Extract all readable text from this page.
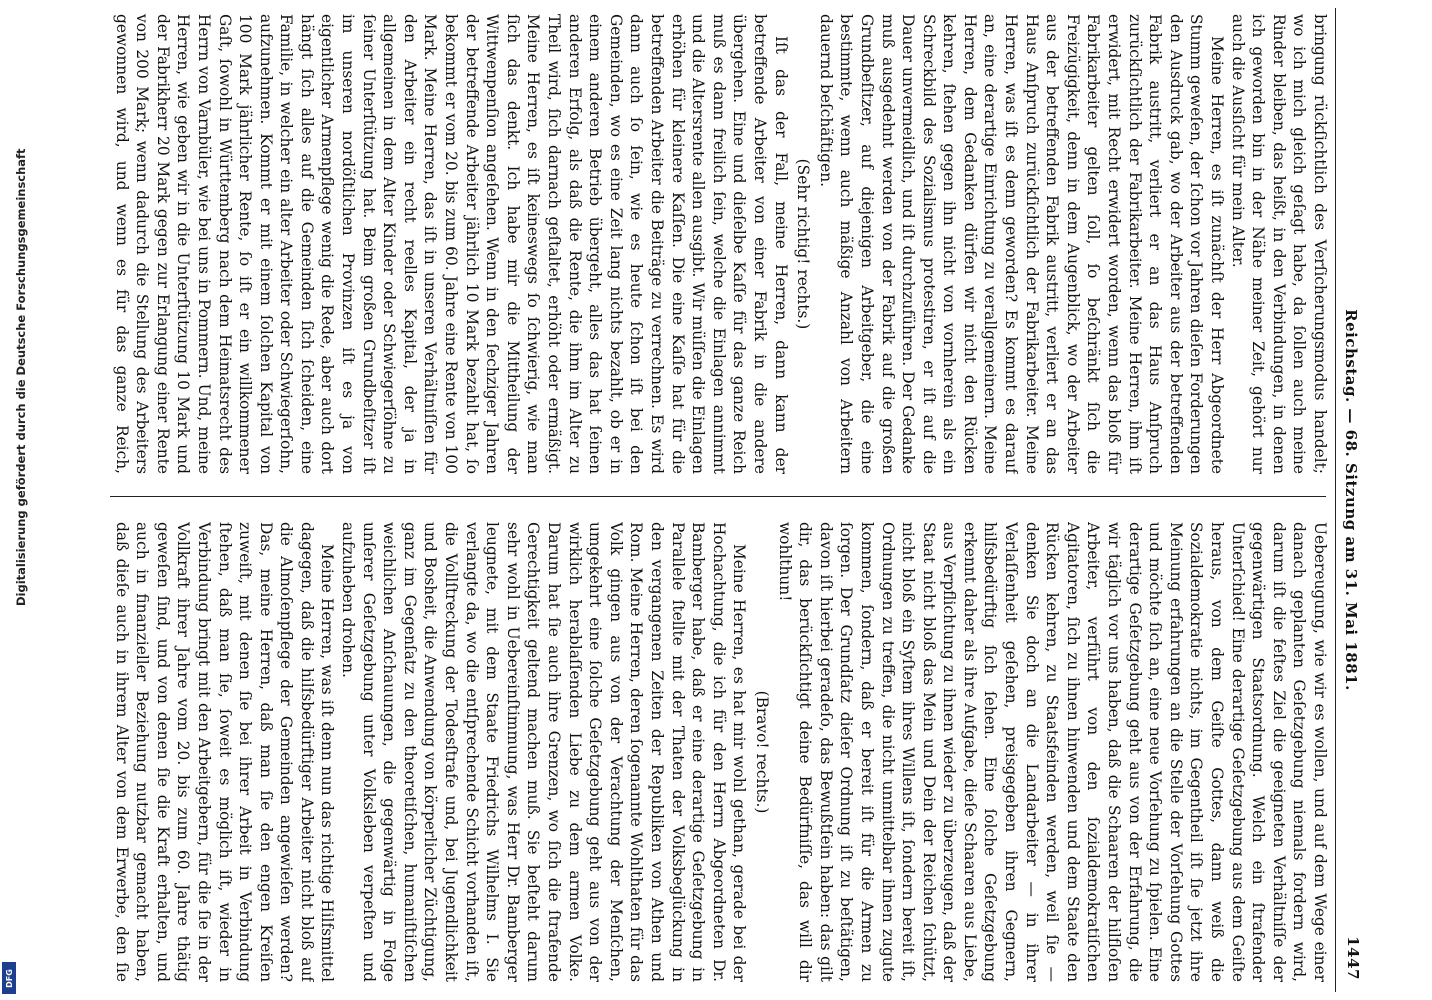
Digitalisierung gefördert durch die Deutsche Forschungsgemeinschaft
DFG
Reichstag. — 68. Sitzung am 31. Mai 1881.
1447

bringung rückſichtlich des Verſicherungsmodus handelt; wo ich mich gleich geſagt habe, da ſollen auch meine Rinder bleiben, das heißt, in den Verbindungen, in denen ich geworden bin in der Nähe meiner Zeit, gehört nur auch die Ausſicht für mein Alter.

Meine Herren, es iſt zunächſt der Herr Abgeordnete Stumm geweſen, der ſchon vor Jahren dieſen Forderungen den Ausdruck gab, wo der Arbeiter aus der betreffenden Fabrik austritt, verliert er an das Haus Anſpruch zurückſichtlich der Fabrikarbeiter. Meine Herren, ihm iſt erwidert, mit Recht erwidert worden, wenn das bloß für Fabrikarbeiter gelten ſoll, ſo beſchränkt ſich die Freizügigkeit, denn in dem Augenblick, wo der Arbeiter aus der betreffenden Fabrik austritt, verliert er an das Haus Anſpruch zurückſichtlich der Fabrikarbeiter. Meine Herren, was iſt es denn geworden? Es kommt es darauf an, eine derartige Einrichtung zu verallgemeinern. Meine Herren, dem Gedanken dürfen wir nicht den Rücken kehren, ſtehen gegen ihn nicht von vornherein als ein Schreckbild des Sozialismus protestiren, er iſt auf die Dauer unvermeidlich, und iſt durchzuführen. Der Gedanke muß ausgedehnt werden von der Fabrik auf die großen Grundbeſitzer, auf diejenigen Arbeitgeber, die eine bestimmte, wenn auch mäßige Anzahl von Arbeitern dauernd beſchäftigen.

(Sehr richtig! rechts.)

Iſt das der Fall, meine Herren, dann kann der betreffende Arbeiter von einer Fabrik in die andere übergehen. Eine und dieſelbe Kaſſe für das ganze Reich muß es dann freilich ſein, welche die Einlagen annimmt und die Altersrente allen ausgibt. Wir müſſen die Einlagen erhöhen für kleinere Kaſſen. Die eine Kaſſe hat für die betreffenden Arbeiter die Beiträge zu verrechnen. Es wird dann auch ſo ſein, wie es heute ſchon iſt bei den Gemeinden, wo es eine Zeit lang nichts bezahlt, ob er in einem anderen Betrieb übergeht, alles das hat ſeinen anderen Erfolg, als daß die Rente, die ihm im Alter zu Theil wird, ſich darnach geſtaltet, erhöht oder ermäßigt. Meine Herren, es iſt keineswegs ſo ſchwierig, wie man ſich das denkt. Ich habe mir die Mittheilung der Wittwenpenſion angeſehen. Wenn in den ſechziger Jahren der betreffende Arbeiter jährlich 10 Mark bezahlt hat, ſo bekommt er vom 20. bis zum 60. Jahre eine Rente von 100 Mark. Meine Herren, das iſt in unseren Verhältniſſen für den Arbeiter ein recht reelles Kapital, der ja in allgemeinen in dem Alter Kinder oder Schwiegerſöhne zu ſeiner Unterſtützung hat. Beim großen Grundbeſitzer iſt im unseren nordöſtlichen Provinzen iſt es ja von eigentlicher Armenpflege wenig die Rede, aber auch dort hängt ſich alles auf die Gemeinden ſich ſcheiden, eine Familie, in welcher ein alter Arbeiter oder Schwiegerſohn, aufzunehmen. Kommt er mit einem ſolchen Kapital von 100 Mark jährlicher Rente, ſo iſt er ein willkommener Gaſt, ſowohl in Württemberg nach dem Heimatsrecht des Herrn von Varnbüler, wie bei uns in Pommern. Und, meine Herren, wie geben wir in die Unterſtützung 10 Mark und der Fabrikherr 20 Mark gegen zur Erlangung einer Rente von 200 Mark; wenn dadurch die Stellung des Arbeiters gewonnen wird, und wenn es für das ganze Reich,

Uebereugung, wie wir es wollen, und auf dem Wege einer danach geplanten Geſetzgebung niemals fordern wird, darum iſt die feſtes Ziel die geeigneten Verhältniſſe der gegenwärtigen Staatsordnung. Welch ein ſtrafender Unterſchied! Eine derartige Geſetzgebung aus dem Geiſte heraus, von dem Geiſte Gottes, dann weiß die Sozialdemokratie nichts, im Gegentheil iſt ſie jetzt ihre Meinung erfahrungen an die Stelle der Vorſehung Gottes und möchte ſich an, eine neue Vorſehung zu ſpielen. Eine derartige Geſetzgebung geht aus von der Erfahrung, die wir täglich vor uns haben, daß die Schaaren der hilfloſen Arbeiter, verführt von den ſozialdemokratiſchen Agitatoren, ſich zu ihnen hinwenden und dem Staate den Rücken kehren, zu Staatsfeinden werden, weil ſie — denken Sie doch an die Landarbeiter — in ihrer Verlaſſenheit geſehen, preisgegeben ihren Gegnern, hilfsbedürftig ſich ſehen. Eine ſolche Geſetzgebung erkennt daher als ihre Aufgabe, dieſe Schaaren aus Liebe, aus Verpflichtung zu ihnen wieder zu überzeugen, daß der Staat nicht bloß das Mein und Dein der Reichen ſchützt, nicht bloß ein Syſtem ihres Willens iſt, ſondern bereit iſt, Ordnungen zu treffen, die nicht unmittelbar ihnen zugute kommen, ſondern, daß er bereit iſt für die Armen zu ſorgen. Der Grundſatz dieſer Ordnung iſt zu beſtätigen, davon iſt hierbei geradeſo, das Bewußtſein haben: das gilt dir, das berückſichtigt deine Bedürfniſſe, das will dir wohlthun!

(Bravo! rechts.)

Meine Herren, es hat mir wohl gethan, gerade bei der Hochachtung, die ich für den Herrn Abgeordneten Dr. Bamberger habe, daß er eine derartige Geſetzgebung in Parallele ſtellte mit der Thaten der Volksbeglückung in den vergangenen Zeiten der Republiken von Athen und Rom. Meine Herren, deren ſogenannte Wohlthaten für das Volk gingen aus von der Verachtung der Menſchen, umgekehrt eine ſolche Geſetzgebung geht aus von der wirklich herablaſſenden Liebe zu dem armen Volke. Darum hat ſie auch ihre Grenzen, wo ſich die ſtrafende Gerechtigkeit geltend machen muß. Sie beſteht darum sehr wohl in Uebereinſtimmung, was Herr Dr. Bamberger leugnete, mit dem Staate Friedrichs Wilhelms I. Sie verlangte da, wo die entſprechende Schicht vorhanden iſt, die Vollſtreckung der Todesſtrafe und, bei Jugendlichkeit und Bosheit, die Anwendung von körperlicher Züchtigung, ganz im Gegenſatz zu den theoretiſchen, humaniſtiſchen weichlichen Anſchauungen, die gegenwärtig in Folge unſerer Geſetzgebung unter Volksleben verpeſten und aufzuheben drohen.

Meine Herren, was iſt denn nun das richtige Hilfsmittel dagegen, daß die hilfsbedürftiger Arbeiter nicht bloß auf die Almoſenpflege der Gemeinden angewieſen werden? Das, meine Herren, daß man ſie den engen Kreiſen zuweiſt, mit denen ſie bei ihrer Arbeit in Verbindung ſtehen, daß man ſie, ſoweit es möglich iſt, wieder in Verbindung bringt mit den Arbeitgebern, für die ſie in der Vollkraft ihrer Jahre vom 20. bis zum 60. Jahre thätig geweſen ſind, und von denen ſie die Kraft erhalten, und auch in finanzieller Beziehung nutzbar gemacht haben, daß dieſe auch in ihrem Alter von dem Erwerbe, den ſie
